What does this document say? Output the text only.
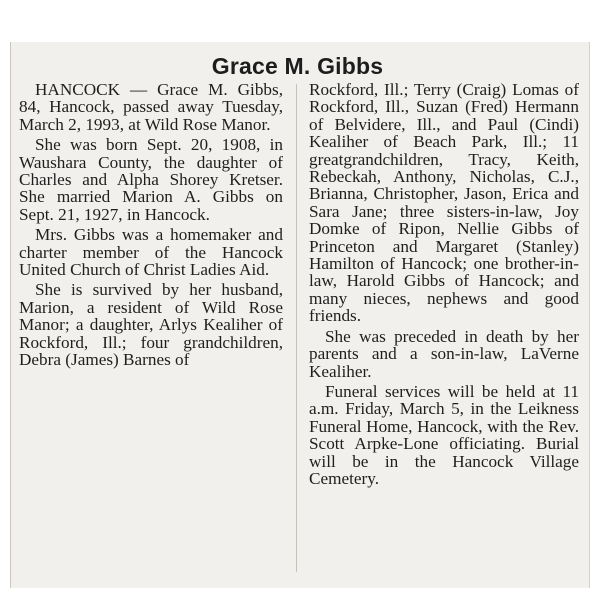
Grace M. Gibbs

HANCOCK — Grace M. Gibbs, 84, Hancock, passed away Tuesday, March 2, 1993, at Wild Rose Manor.

She was born Sept. 20, 1908, in Waushara County, the daughter of Charles and Alpha Shorey Kretser. She married Marion A. Gibbs on Sept. 21, 1927, in Hancock.

Mrs. Gibbs was a homemaker and charter member of the Hancock United Church of Christ Ladies Aid.

She is survived by her husband, Marion, a resident of Wild Rose Manor; a daughter, Arlys Kealiher of Rockford, Ill.; four grandchildren, Debra (James) Barnes of

Rockford, Ill.; Terry (Craig) Lomas of Rockford, Ill., Suzan (Fred) Hermann of Belvidere, Ill., and Paul (Cindi) Kealiher of Beach Park, Ill.; 11 greatgrandchildren, Tracy, Keith, Rebeckah, Anthony, Nicholas, C.J., Brianna, Christopher, Jason, Erica and Sara Jane; three sisters-in-law, Joy Domke of Ripon, Nellie Gibbs of Princeton and Margaret (Stanley) Hamilton of Hancock; one brother-in-law, Harold Gibbs of Hancock; and many nieces, nephews and good friends.

She was preceded in death by her parents and a son-in-law, LaVerne Kealiher.

Funeral services will be held at 11 a.m. Friday, March 5, in the Leikness Funeral Home, Hancock, with the Rev. Scott Arpke-Lone officiating. Burial will be in the Hancock Village Cemetery.
